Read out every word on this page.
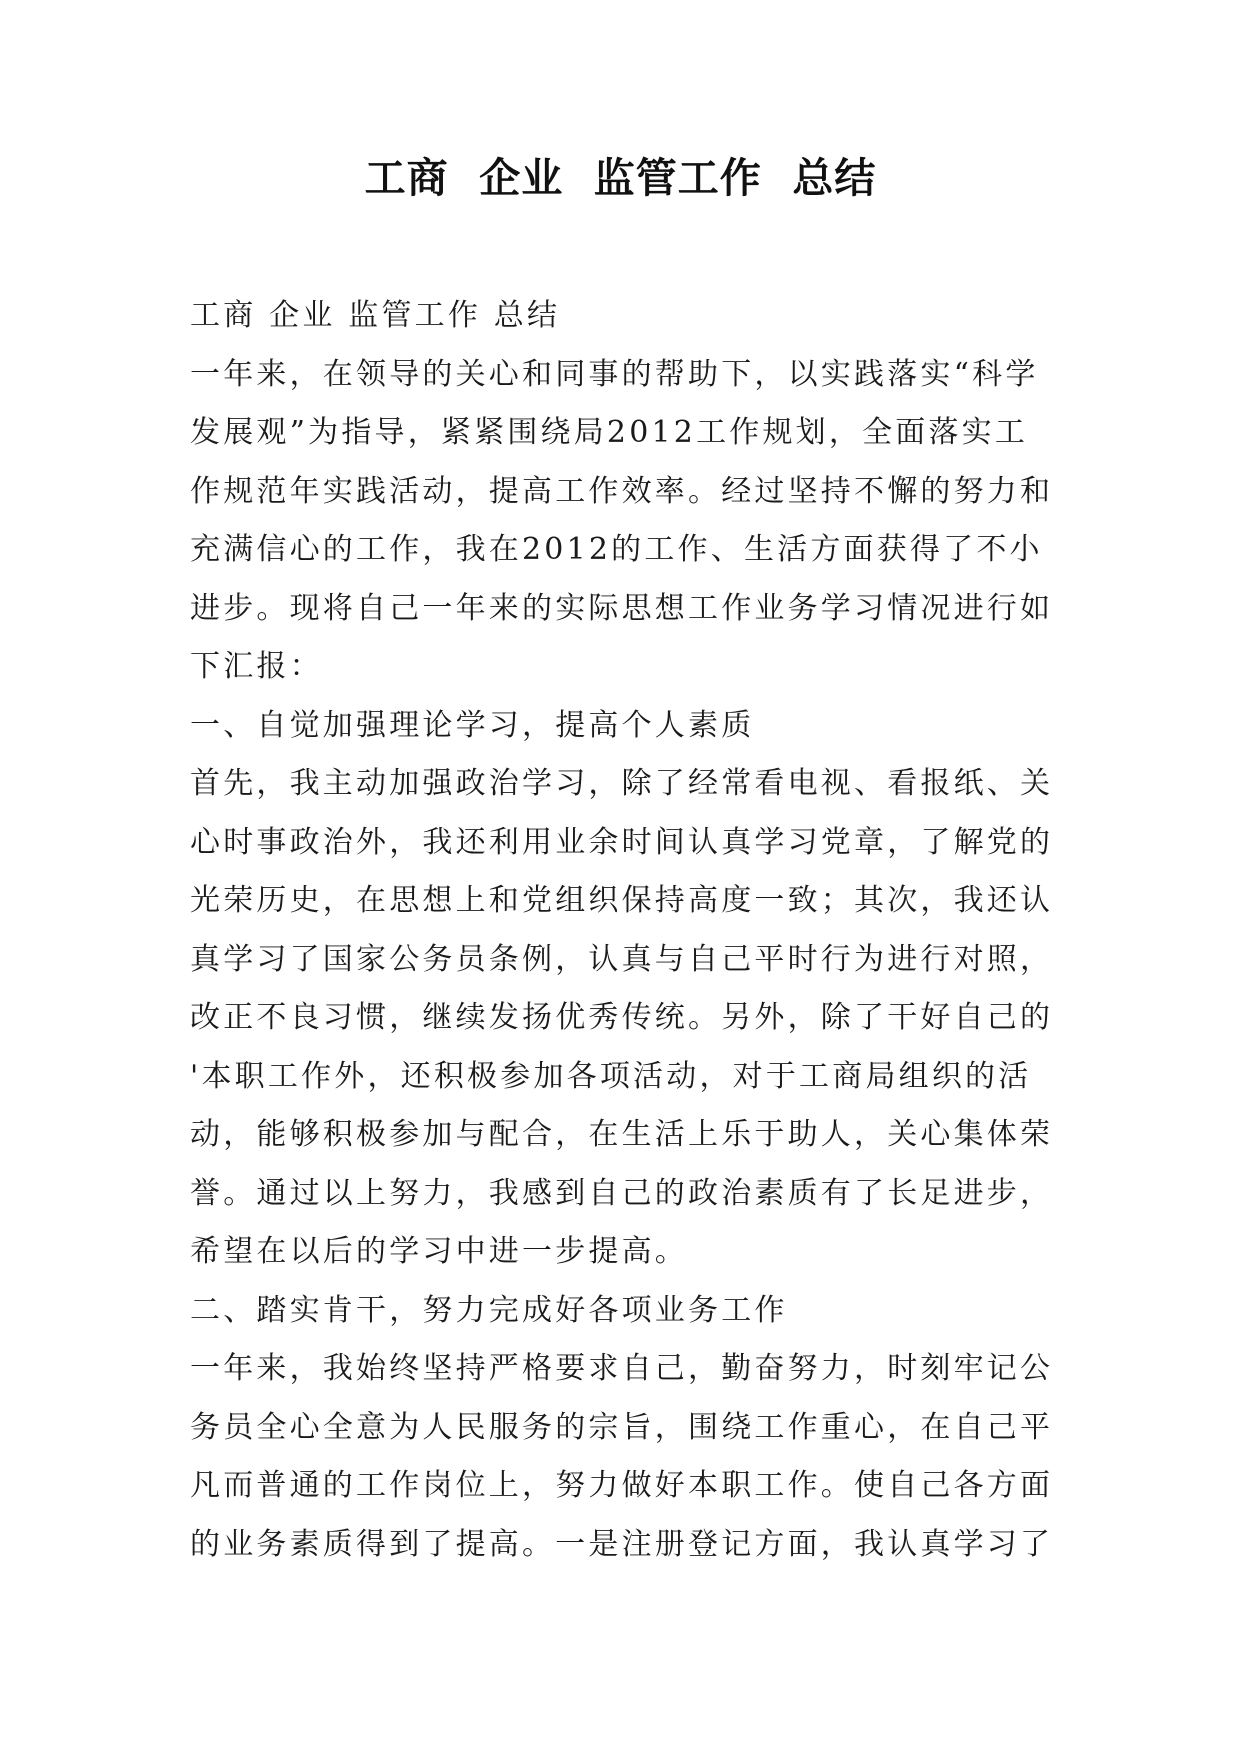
工商  企业  监管工作  总结
工商 企业 监管工作 总结
一年来，在领导的关心和同事的帮助下，以实践落实“科学
发展观”为指导，紧紧围绕局2012工作规划，全面落实工
作规范年实践活动，提高工作效率。经过坚持不懈的努力和
充满信心的工作，我在2012的工作、生活方面获得了不小
进步。现将自己一年来的实际思想工作业务学习情况进行如
下汇报：
一、自觉加强理论学习，提高个人素质
首先，我主动加强政治学习，除了经常看电视、看报纸、关
心时事政治外，我还利用业余时间认真学习党章，了解党的
光荣历史，在思想上和党组织保持高度一致；其次，我还认
真学习了国家公务员条例，认真与自己平时行为进行对照，
改正不良习惯，继续发扬优秀传统。另外，除了干好自己的
'本职工作外，还积极参加各项活动，对于工商局组织的活
动，能够积极参加与配合，在生活上乐于助人，关心集体荣
誉。通过以上努力，我感到自己的政治素质有了长足进步，
希望在以后的学习中进一步提高。
二、踏实肯干，努力完成好各项业务工作
一年来，我始终坚持严格要求自己，勤奋努力，时刻牢记公
务员全心全意为人民服务的宗旨，围绕工作重心，在自己平
凡而普通的工作岗位上，努力做好本职工作。使自己各方面
的业务素质得到了提高。一是注册登记方面，我认真学习了
